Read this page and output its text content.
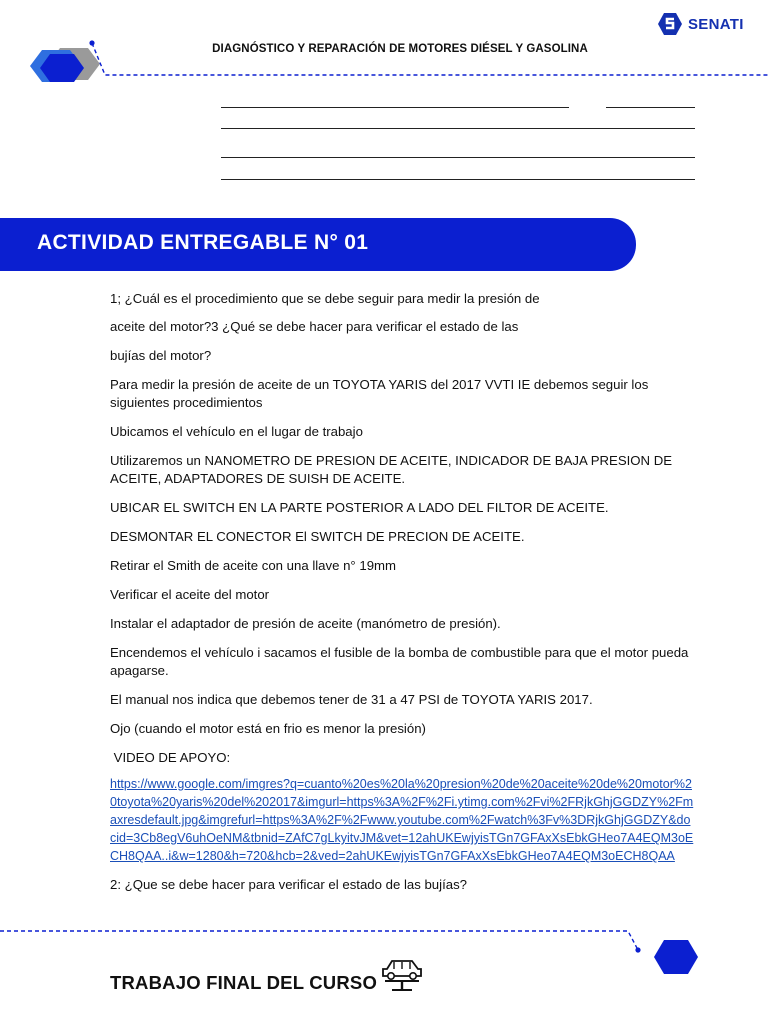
DIAGNÓSTICO Y REPARACIÓN DE MOTORES DIÉSEL Y GASOLINA
SENATI
ACTIVIDAD ENTREGABLE N° 01

1; ¿Cuál es el procedimiento que se debe seguir para medir la presión de

aceite del motor?3 ¿Qué se debe hacer para verificar el estado de las

bujías del motor?

Para medir la presión de aceite de un TOYOTA YARIS del 2017 VVTI IE debemos seguir los siguientes procedimientos

Ubicamos el vehículo en el lugar de trabajo

Utilizaremos un NANOMETRO DE PRESION DE ACEITE, INDICADOR DE BAJA PRESION DE ACEITE, ADAPTADORES DE SUISH DE ACEITE.

UBICAR EL SWITCH EN LA PARTE POSTERIOR A LADO DEL FILTOR DE ACEITE.

DESMONTAR EL CONECTOR El SWITCH DE PRECION DE ACEITE.

Retirar el Smith de aceite con una llave n° 19mm

Verificar el aceite del motor

Instalar el adaptador de presión de aceite (manómetro de presión).

Encendemos el vehículo i sacamos el fusible de la bomba de combustible para que el motor pueda apagarse.

El manual nos indica que debemos tener de 31 a 47 PSI de TOYOTA YARIS 2017.

Ojo (cuando el motor está en frio es menor la presión)

VIDEO DE APOYO:

https://www.google.com/imgres?q=cuanto%20es%20la%20presion%20de%20aceite%20de%20motor%20toyota%20yaris%20del%202017&imgurl=https%3A%2F%2Fi.ytimg.com%2Fvi%2FRjkGhjGGDZY%2Fmaxresdefault.jpg&imgrefurl=https%3A%2F%2Fwww.youtube.com%2Fwatch%3Fv%3DRjkGhjGGDZY&docid=3Cb8egV6uhOeNM&tbnid=ZAfC7gLkyitvJM&vet=12ahUKEwjyisTGn7GFAxXsEbkGHeo7A4EQM3oECH8QAA..i&w=1280&h=720&hcb=2&ved=2ahUKEwjyisTGn7GFAxXsEbkGHeo7A4EQM3oECH8QAA

2: ¿Que se debe hacer para verificar el estado de las bujías?

TRABAJO FINAL DEL CURSO
